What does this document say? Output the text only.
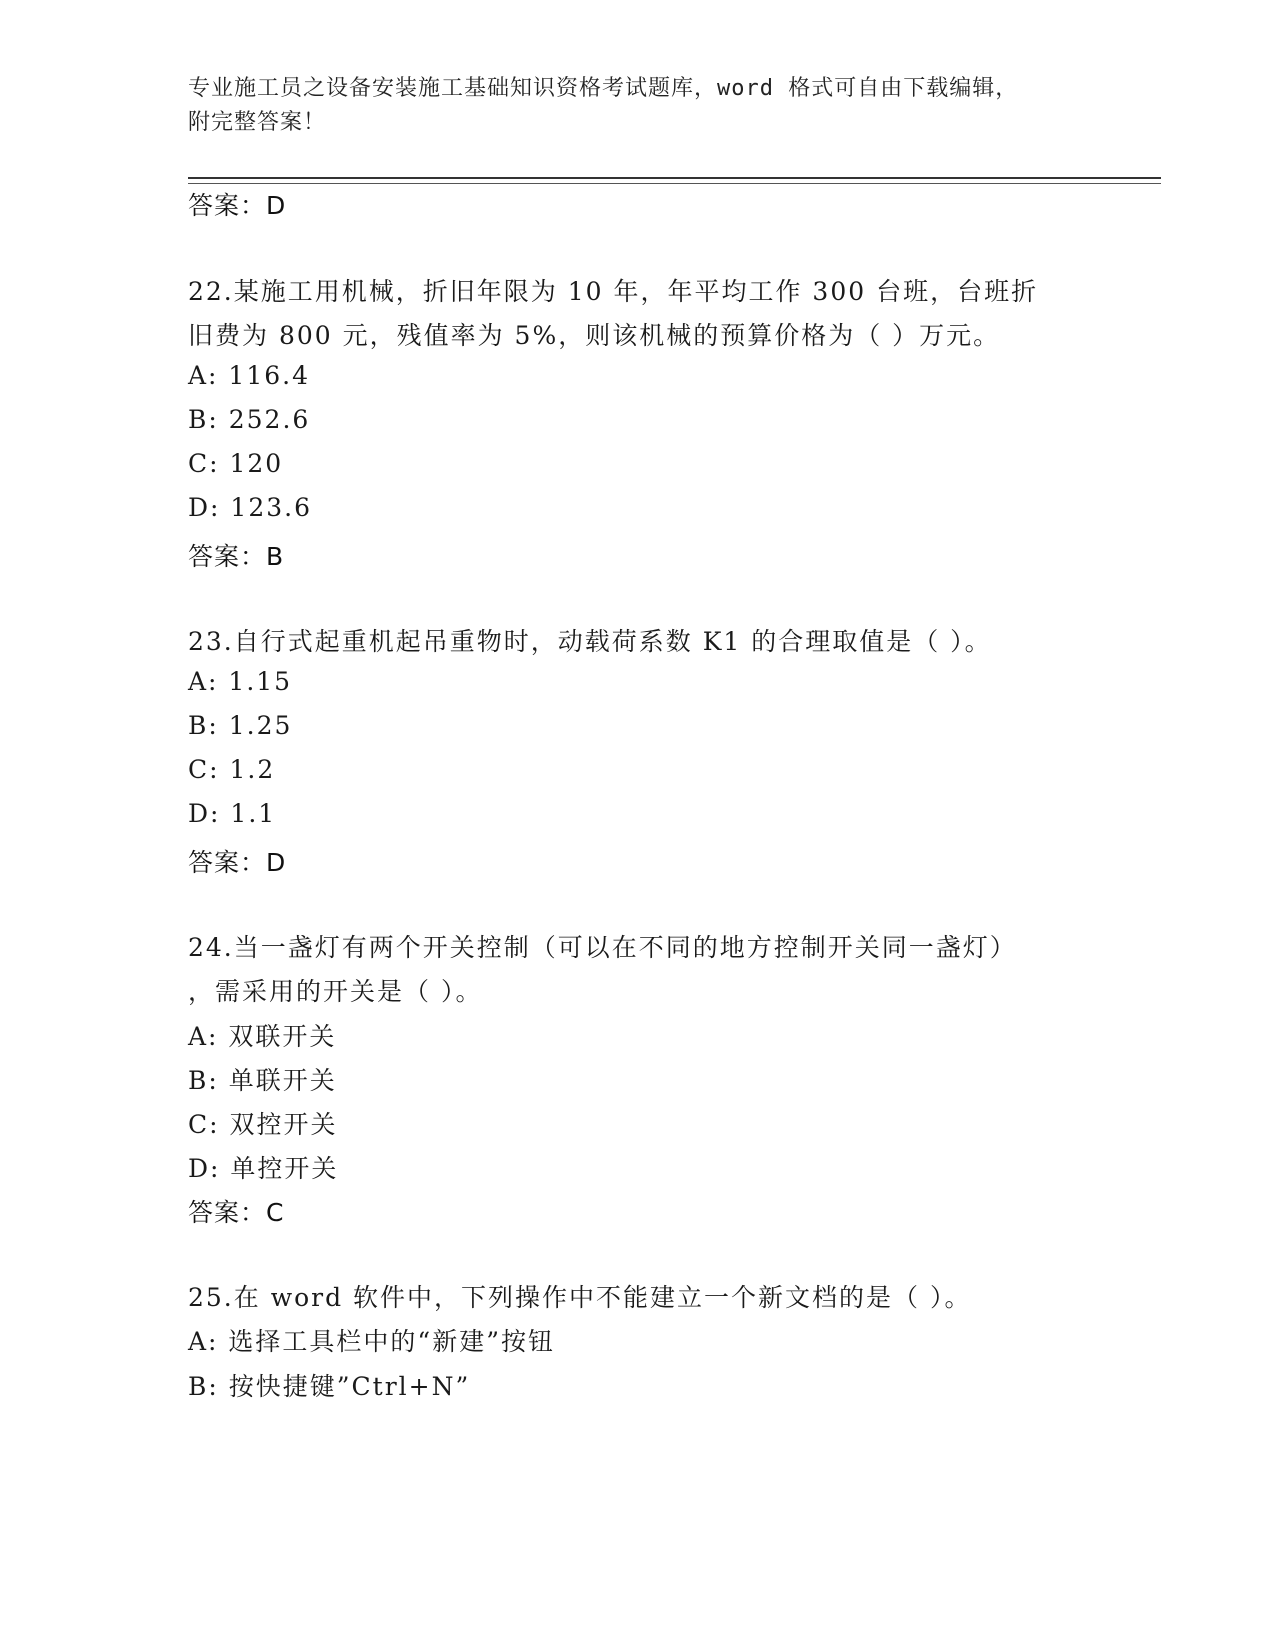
专业施工员之设备安装施工基础知识资格考试题库，word 格式可自由下载编辑，
附完整答案！
答案：D
22.某施工用机械，折旧年限为 10 年，年平均工作 300 台班，台班折
旧费为 800 元，残值率为 5%，则该机械的预算价格为（ ）万元。
A: 116.4
B: 252.6
C: 120
D: 123.6
答案：B
23.自行式起重机起吊重物时，动载荷系数 K1 的合理取值是（ ）。
A: 1.15
B: 1.25
C: 1.2
D: 1.1
答案：D
24.当一盏灯有两个开关控制（可以在不同的地方控制开关同一盏灯）
，需采用的开关是（ ）。
A: 双联开关
B: 单联开关
C: 双控开关
D: 单控开关
答案：C
25.在 word 软件中，下列操作中不能建立一个新文档的是（ ）。
A: 选择工具栏中的“新建”按钮
B: 按快捷键”Ctrl+N”
